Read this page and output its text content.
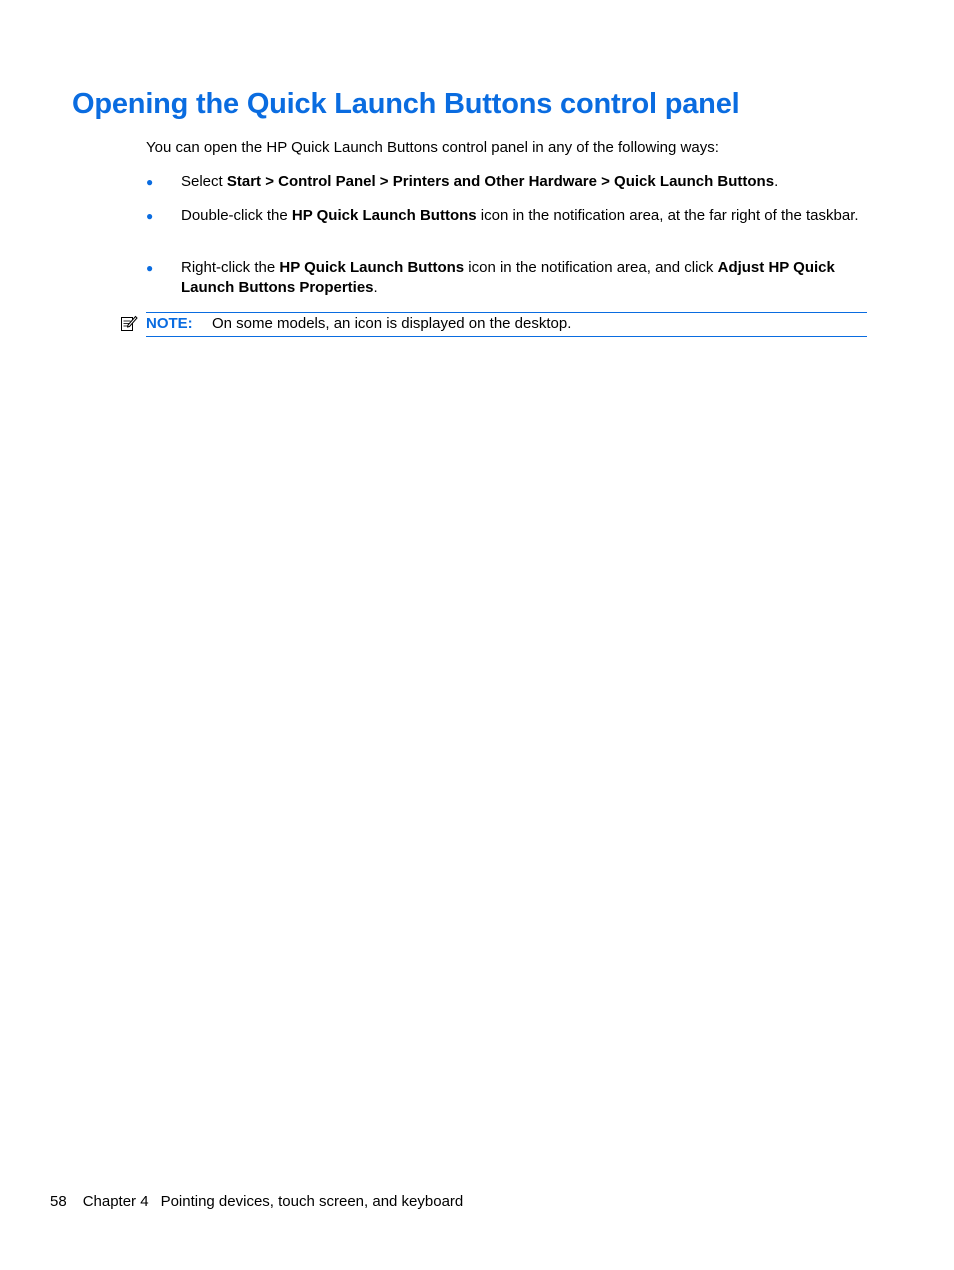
Opening the Quick Launch Buttons control panel

You can open the HP Quick Launch Buttons control panel in any of the following ways:

● Select Start > Control Panel > Printers and Other Hardware > Quick Launch Buttons.
● Double-click the HP Quick Launch Buttons icon in the notification area, at the far right of the taskbar.
● Right-click the HP Quick Launch Buttons icon in the notification area, and click Adjust HP Quick Launch Buttons Properties.
NOTE: On some models, an icon is displayed on the desktop.
58 Chapter 4 Pointing devices, touch screen, and keyboard
